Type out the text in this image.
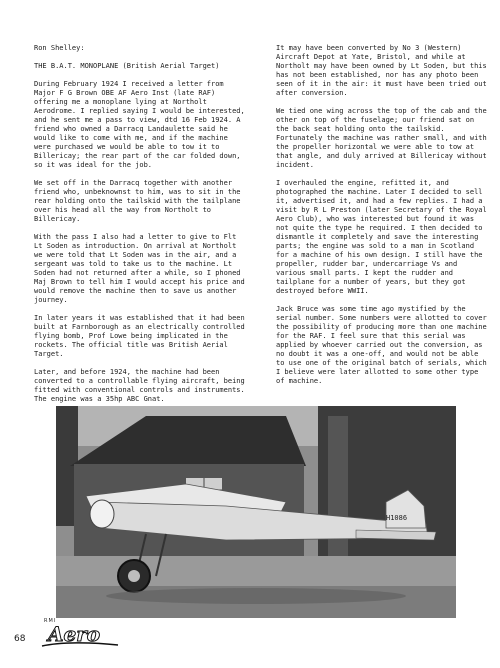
Ron Shelley:

THE B.A.T. MONOPLANE (British Aerial Target)

During February 1924 I received a letter from Major F G Brown OBE AF Aero Inst (late RAF) offering me a monoplane lying at Northolt Aerodrome. I replied saying I would be interested, and he sent me a pass to view, dtd 16 Feb 1924. A friend who owned a Darracq Landaulette said he would like to come with me, and if the machine were purchased we would be able to tow it to Billericay; the rear part of the car folded down, so it was ideal for the job.

We set off in the Darracq together with another friend who, unbeknownst to him, was to sit in the rear holding onto the tailskid with the tailplane over his head all the way from Northolt to Billericay.

With the pass I also had a letter to give to Flt Lt Soden as introduction. On arrival at Northolt we were told that Lt Soden was in the air, and a sergeant was told to take us to the machine. Lt Soden had not returned after a while, so I phoned Maj Brown to tell him I would accept his price and would remove the machine then to save us another journey.

In later years it was established that it had been built at Farnborough as an electrically controlled flying bomb, Prof Lowe being implicated in the rockets. The official title was British Aerial Target.

Later, and before 1924, the machine had been converted to a controllable flying aircraft, being fitted with conventional controls and instruments. The engine was a 35hp ABC Gnat.

It may have been converted by No 3 (Western) Aircraft Depot at Yate, Bristol, and while at Northolt may have been owned by Lt Soden, but this has not been established, nor has any photo been seen of it in the air: it must have been tried out after conversion.

We tied one wing across the top of the cab and the other on top of the fuselage; our friend sat on the back seat holding onto the tailskid. Fortunately the machine was rather small, and with the propeller horizontal we were able to tow at that angle, and duly arrived at Billericay without incident.

I overhauled the engine, refitted it, and photographed the machine. Later I decided to sell it, advertised it, and had a few replies. I had a visit by R L Preston (later Secretary of the Royal Aero Club), who was interested but found it was not quite the type he required. I then decided to dismantle it completely and save the interesting parts; the engine was sold to a man in Scotland for a machine of his own design. I still have the propeller, rudder bar, undercarriage Vs and various small parts. I kept the rudder and tailplane for a number of years, but they got destroyed before WWII.

Jack Bruce was some time ago mystified by the serial number. Some numbers were allotted to cover the possibility of producing more than one machine for the RAF. I feel sure that this serial was applied by whoever carried out the conversion, as no doubt it was a one-off, and would not be able to use one of the original batch of serials, which I believe were later allotted to some other type of machine.

H1086
68
RMI
Aero
